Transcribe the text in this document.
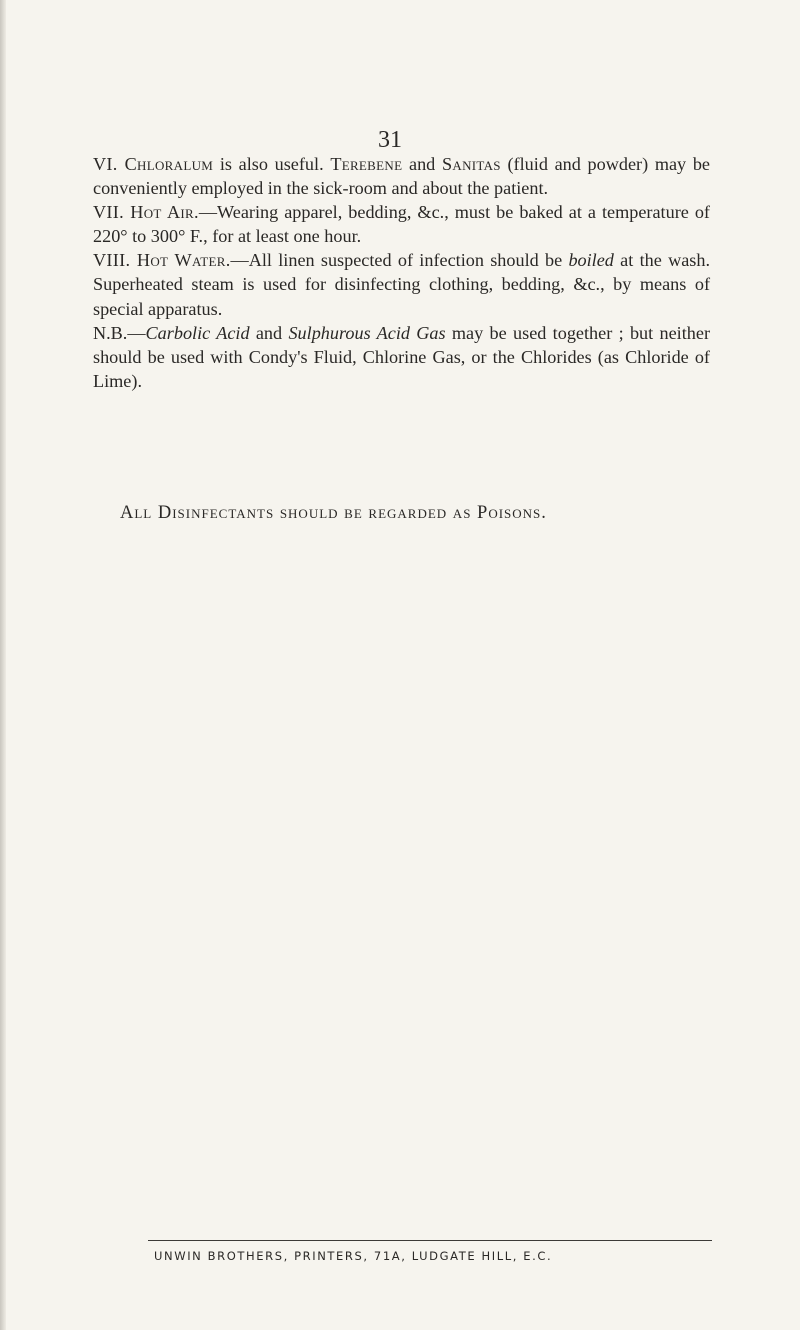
31

VI. Chloralum is also useful. Terebene and Sanitas (fluid and powder) may be conveniently employed in the sick-room and about the patient.

VII. Hot Air.—Wearing apparel, bedding, &c., must be baked at a temperature of 220° to 300° F., for at least one hour.

VIII. Hot Water.—All linen suspected of infection should be boiled at the wash. Superheated steam is used for disinfecting clothing, bedding, &c., by means of special apparatus.

N.B.—Carbolic Acid and Sulphurous Acid Gas may be used together ; but neither should be used with Condy's Fluid, Chlorine Gas, or the Chlorides (as Chloride of Lime).

All Disinfectants should be regarded as Poisons.
UNWIN BROTHERS, PRINTERS, 71A, LUDGATE HILL, E.C.
